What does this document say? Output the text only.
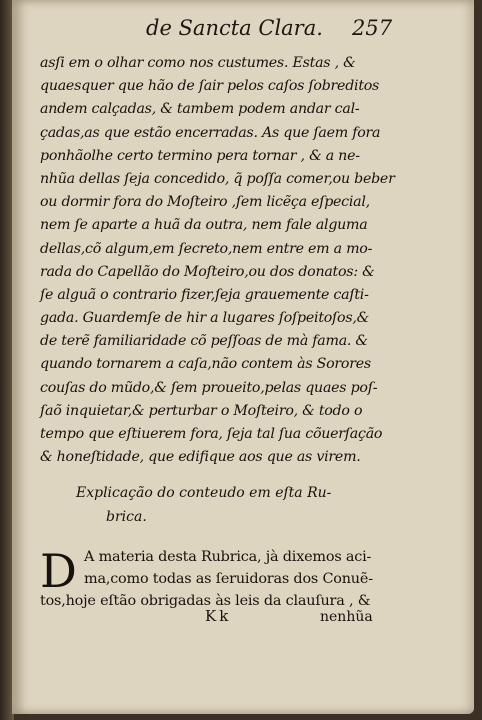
de Sancta Clara. 257
asſi em o olhar como nos custumes. Estas , &
quaesquer que hão de ſair pelos caſos ſobreditos
andem calçadas, & tambem podem andar cal-
çadas,as que estão encerradas. As que ſaem fora
ponhãolhe certo termino pera tornar , & a ne-
nhũa dellas ſeja concedido, q̃ poſſa comer,ou beber
ou dormir fora do Moſteiro ,ſem licẽça eſpecial,
nem ſe aparte a huã da outra, nem fale alguma
dellas,cõ algum,em ſecreto,nem entre em a mo-
rada do Capellão do Moſteiro,ou dos donatos: &
ſe alguã o contrario fizer,ſeja grauemente caſti-
gada. Guardemſe de hir a lugares ſoſpeitoſos,&
de terẽ familiaridade cõ peſſoas de mà fama. &
quando tornarem a caſa,não contem às Sorores
couſas do mũdo,& ſem proueito,pelas quaes poſ-
ſaõ inquietar,& perturbar o Moſteiro, & todo o
tempo que eſtiuerem fora, ſeja tal ſua cõuerſação
& honeſtidade, que edifique aos que as virem.
Explicação do conteudo em eſta Ru-
brica.
D A materia desta Rubrica, jà dixemos aci-
ma,como todas as ſeruidoras dos Conuẽ-
tos,hoje eſtão obrigadas às leis da clauſura , &
Kk	nenhũa
